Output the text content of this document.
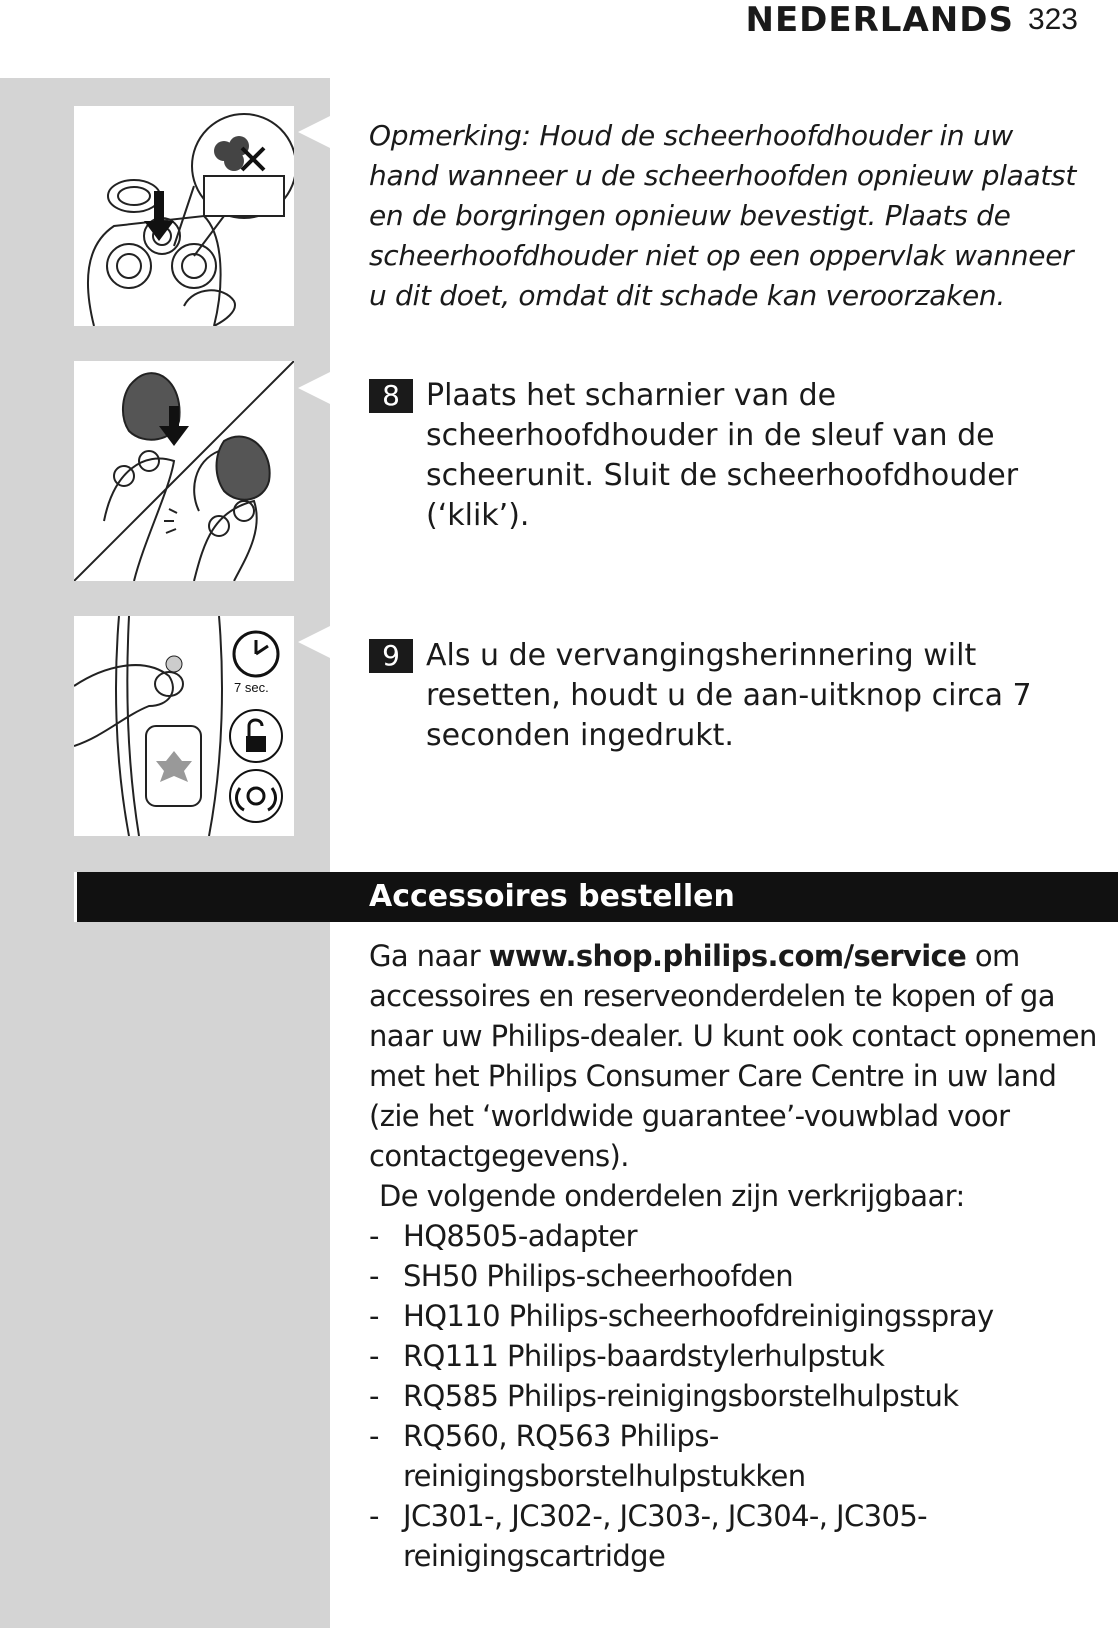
NEDERLANDS 323
7 sec.
Opmerking: Houd de scheerhoofdhouder in uw hand wanneer u de scheerhoofden opnieuw plaatst en de borgringen opnieuw bevestigt. Plaats de scheerhoofdhouder niet op een oppervlak wanneer u dit doet, omdat dit schade kan veroorzaken.
8 Plaats het scharnier van de scheerhoofdhouder in de sleuf van de scheerunit. Sluit de scheerhoofdhouder (‘klik’).
9 Als u de vervangingsherinnering wilt resetten, houdt u de aan-uitknop circa 7 seconden ingedrukt.
Accessoires bestellen
Ga naar www.shop.philips.com/service om accessoires en reserveonderdelen te kopen of ga naar uw Philips-dealer. U kunt ook contact opnemen met het Philips Consumer Care Centre in uw land (zie het ‘worldwide guarantee’-vouwblad voor contactgegevens).
De volgende onderdelen zijn verkrijgbaar:
- HQ8505-adapter
- SH50 Philips-scheerhoofden
- HQ110 Philips-scheerhoofdreinigingsspray
- RQ111 Philips-baardstylerhulpstuk
- RQ585 Philips-reinigingsborstelhulpstuk
- RQ560, RQ563 Philips-reinigingsborstelhulpstukken
- JC301-, JC302-, JC303-, JC304-, JC305-reinigingscartridge
